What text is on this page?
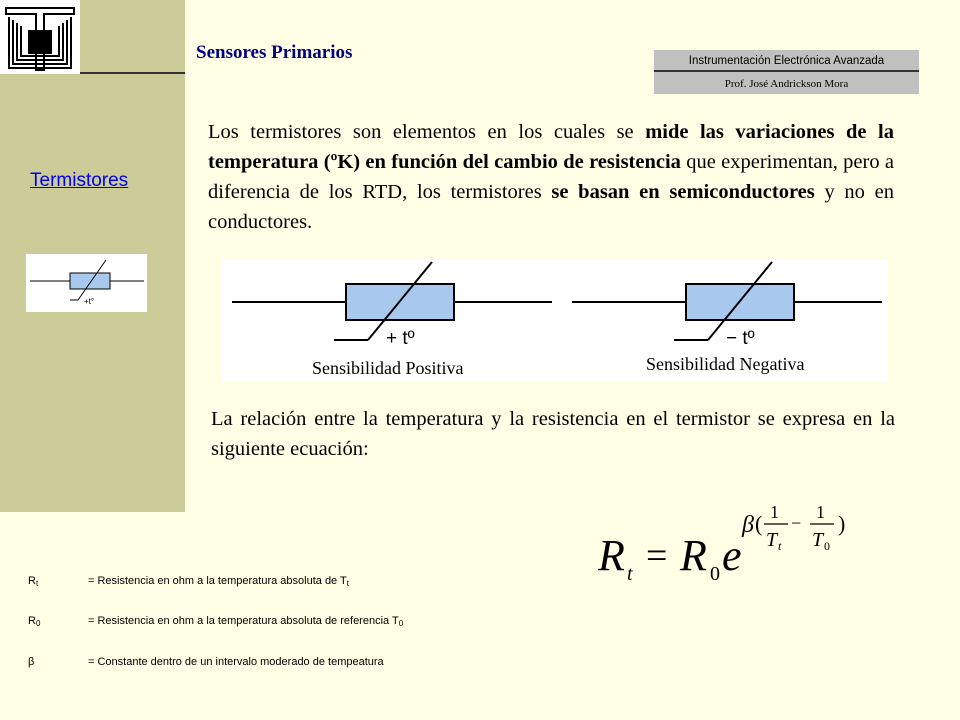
Sensores Primarios	Instrumentación Electrónica Avanzada
Prof. José Andrickson Mora
Termistores
+t°
Los termistores son elementos en los cuales se mide las variaciones de la temperatura (ºK) en función del cambio de resistencia que experimentan, pero a diferencia de los RTD, los termistores se basan en semiconductores y no en conductores.
+ tº
Sensibilidad Positiva
− tº
Sensibilidad Negativa
La relación entre la temperatura y la resistencia en el termistor se expresa en la siguiente ecuación:
R t = R 0 e
β ( 1
T t
−
1
T 0
)
$R_t$	= Resistencia en ohm a la temperatura absoluta de $T_t$
$R_0$	= Resistencia en ohm a la temperatura absoluta de referencia $T_0$
β	= Constante dentro de un intervalo moderado de tempeatura
